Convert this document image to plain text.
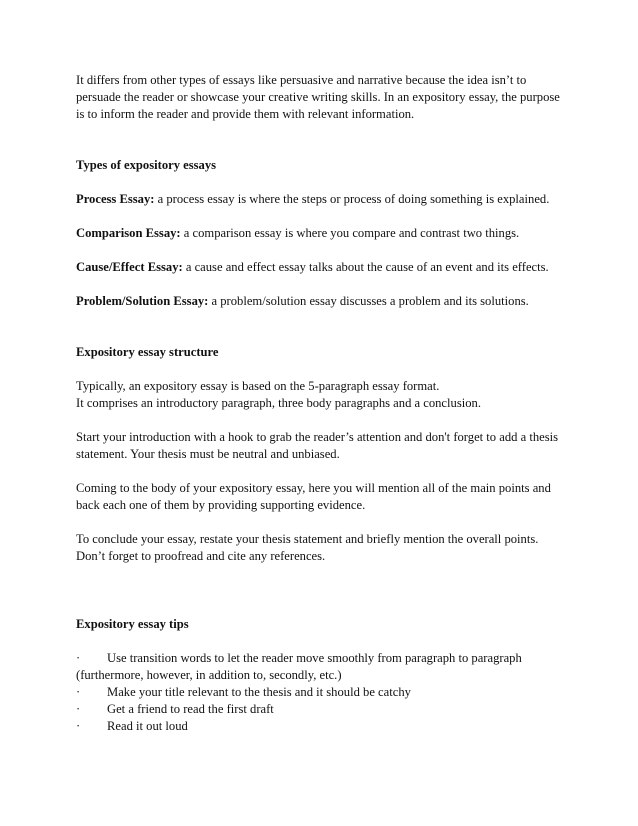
It differs from other types of essays like persuasive and narrative because the idea isn’t to
persuade the reader or showcase your creative writing skills. In an expository essay, the purpose
is to inform the reader and provide them with relevant information.

Types of expository essays

Process Essay: a process essay is where the steps or process of doing something is explained.

Comparison Essay: a comparison essay is where you compare and contrast two things.

Cause/Effect Essay: a cause and effect essay talks about the cause of an event and its effects.

Problem/Solution Essay: a problem/solution essay discusses a problem and its solutions.

Expository essay structure

Typically, an expository essay is based on the 5-paragraph essay format.
It comprises an introductory paragraph, three body paragraphs and a conclusion.
Start your introduction with a hook to grab the reader’s attention and don't forget to add a thesis
statement. Your thesis must be neutral and unbiased.
Coming to the body of your expository essay, here you will mention all of the main points and
back each one of them by providing supporting evidence.
To conclude your essay, restate your thesis statement and briefly mention the overall points.
Don’t forget to proofread and cite any references.

Expository essay tips

· Use transition words to let the reader move smoothly from paragraph to paragraph
(furthermore, however, in addition to, secondly, etc.)
· Make your title relevant to the thesis and it should be catchy
· Get a friend to read the first draft
· Read it out loud
